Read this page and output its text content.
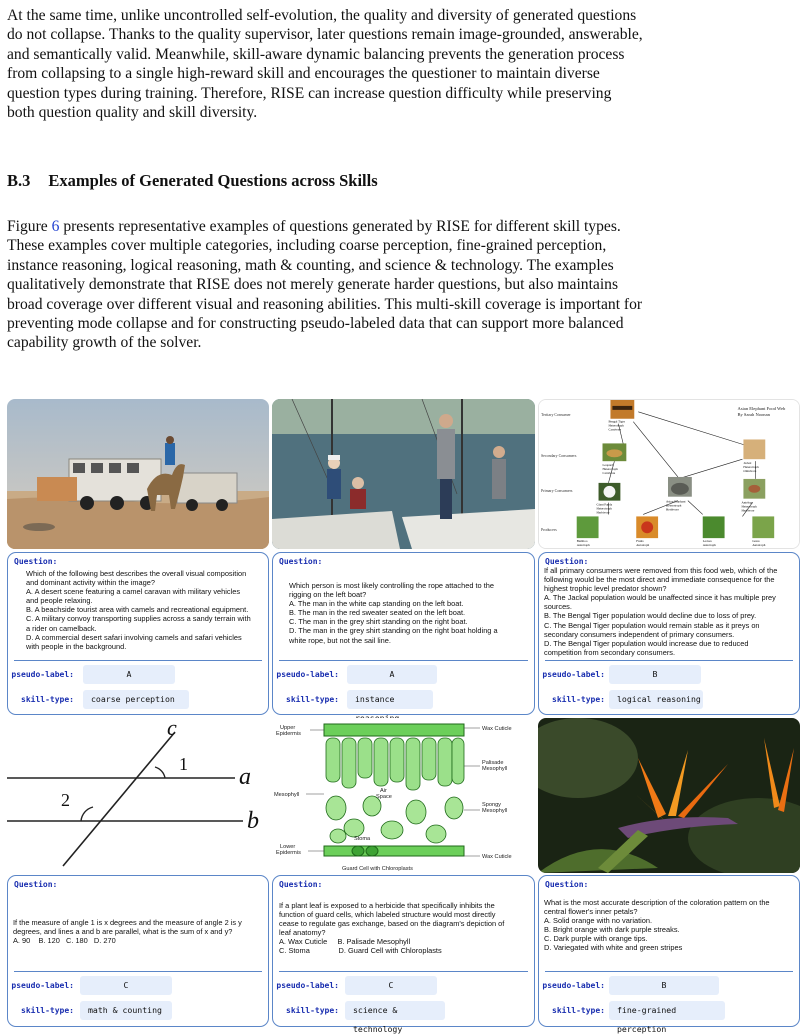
At the same time, unlike uncontrolled self-evolution, the quality and diversity of generated questions
do not collapse. Thanks to the quality supervisor, later questions remain image-grounded, answerable,
and semantically valid. Meanwhile, skill-aware dynamic balancing prevents the generation process
from collapsing to a single high-reward skill and encourages the questioner to maintain diverse
question types during training. Therefore, RISE can increase question difficulty while preserving
both question quality and skill diversity.
B.3 Examples of Generated Questions across Skills
Figure 6 presents representative examples of questions generated by RISE for different skill types.
These examples cover multiple categories, including coarse perception, fine-grained perception,
instance reasoning, logical reasoning, math & counting, and science & technology. The examples
qualitatively demonstrate that RISE does not merely generate harder questions, but also maintains
broad coverage over different visual and reasoning abilities. This multi-skill coverage is important for
preventing mode collapse and for constructing pseudo-labeled data that can support more balanced
capability growth of the solver.
Asian Elephant Food Web
By Sarah Noonan
Tertiary Consumer
Secondary Consumers
Primary Consumers
Producers
Bengal Tiger
Heterotroph
Carnivore
Leopard
Heterotroph
Carnivore
Jackal
Heterotroph
Omnivore
Giant Panda
Heterotroph
Herbivore
Asian Elephant
Heterotroph
Herbivore
Antelope
Heterotroph
Herbivore
Bamboo
Autotroph
Fruits
Autotroph
Leaves
Autotroph
Grass
Autotroph
Question:
Which of the following best describes the overall visual composition
and dominant activity within the image?
A. A desert scene featuring a camel caravan with military vehicles
and people relaxing.
B. A beachside tourist area with camels and recreational equipment.
C. A military convoy transporting supplies across a sandy terrain with
a rider on camelback.
D. A commercial desert safari involving camels and safari vehicles
with people in the background.
pseudo-label:	A
skill-type:	coarse perception
Question:
Which person is most likely controlling the rope attached to the
rigging on the left boat?
A. The man in the white cap standing on the left boat.
B. The man in the red sweater seated on the left boat.
C. The man in the grey shirt standing on the right boat.
D. The man in the grey shirt standing on the right boat holding a
white rope, but not the sail line.
pseudo-label:	A
skill-type:	instance
Question:
If all primary consumers were removed from this food web, which of the
following would be the most direct and immediate consequence for the
highest trophic level predator shown?
A. The Jackal population would be unaffected since it has multiple prey
sources.
B. The Bengal Tiger population would decline due to loss of prey.
C. The Bengal Tiger population would remain stable as it preys on
secondary consumers independent of primary consumers.
D. The Bengal Tiger population would increase due to reduced
competition from secondary consumers.
pseudo-label:	B
skill-type:	logical reasoning
c
1 a
2
b
Upper
Epidermis
Mesophyll
Lower
Epidermis
Wax Cuticle
Palisade
Mesophyll
Air
Space
Spongy
Mesophyll
Stoma
Wax Cuticle
Guard Cell with Chloroplasts
Question:
If the measure of angle 1 is x degrees and the measure of angle 2 is y
degrees, and lines a and b are parallel, what is the sum of x and y?
A. 90    B. 120   C. 180   D. 270
pseudo-label:	C
skill-type:	math & counting
Question:
If a plant leaf is exposed to a herbicide that specifically inhibits the
function of guard cells, which labeled structure would most directly
cease to regulate gas exchange, based on the diagram's depiction of
leaf anatomy?
A. Wax Cuticle     B. Palisade Mesophyll
C. Stoma              D. Guard Cell with Chloroplasts
pseudo-label:	C
skill-type:	science & technology
Question:
What is the most accurate description of the coloration pattern on the
central flower's inner petals?
A. Solid orange with no variation.
B. Bright orange with dark purple streaks.
C. Dark purple with orange tips.
D. Variegated with white and green stripes
pseudo-label:	B
skill-type:	fine-grained perception
